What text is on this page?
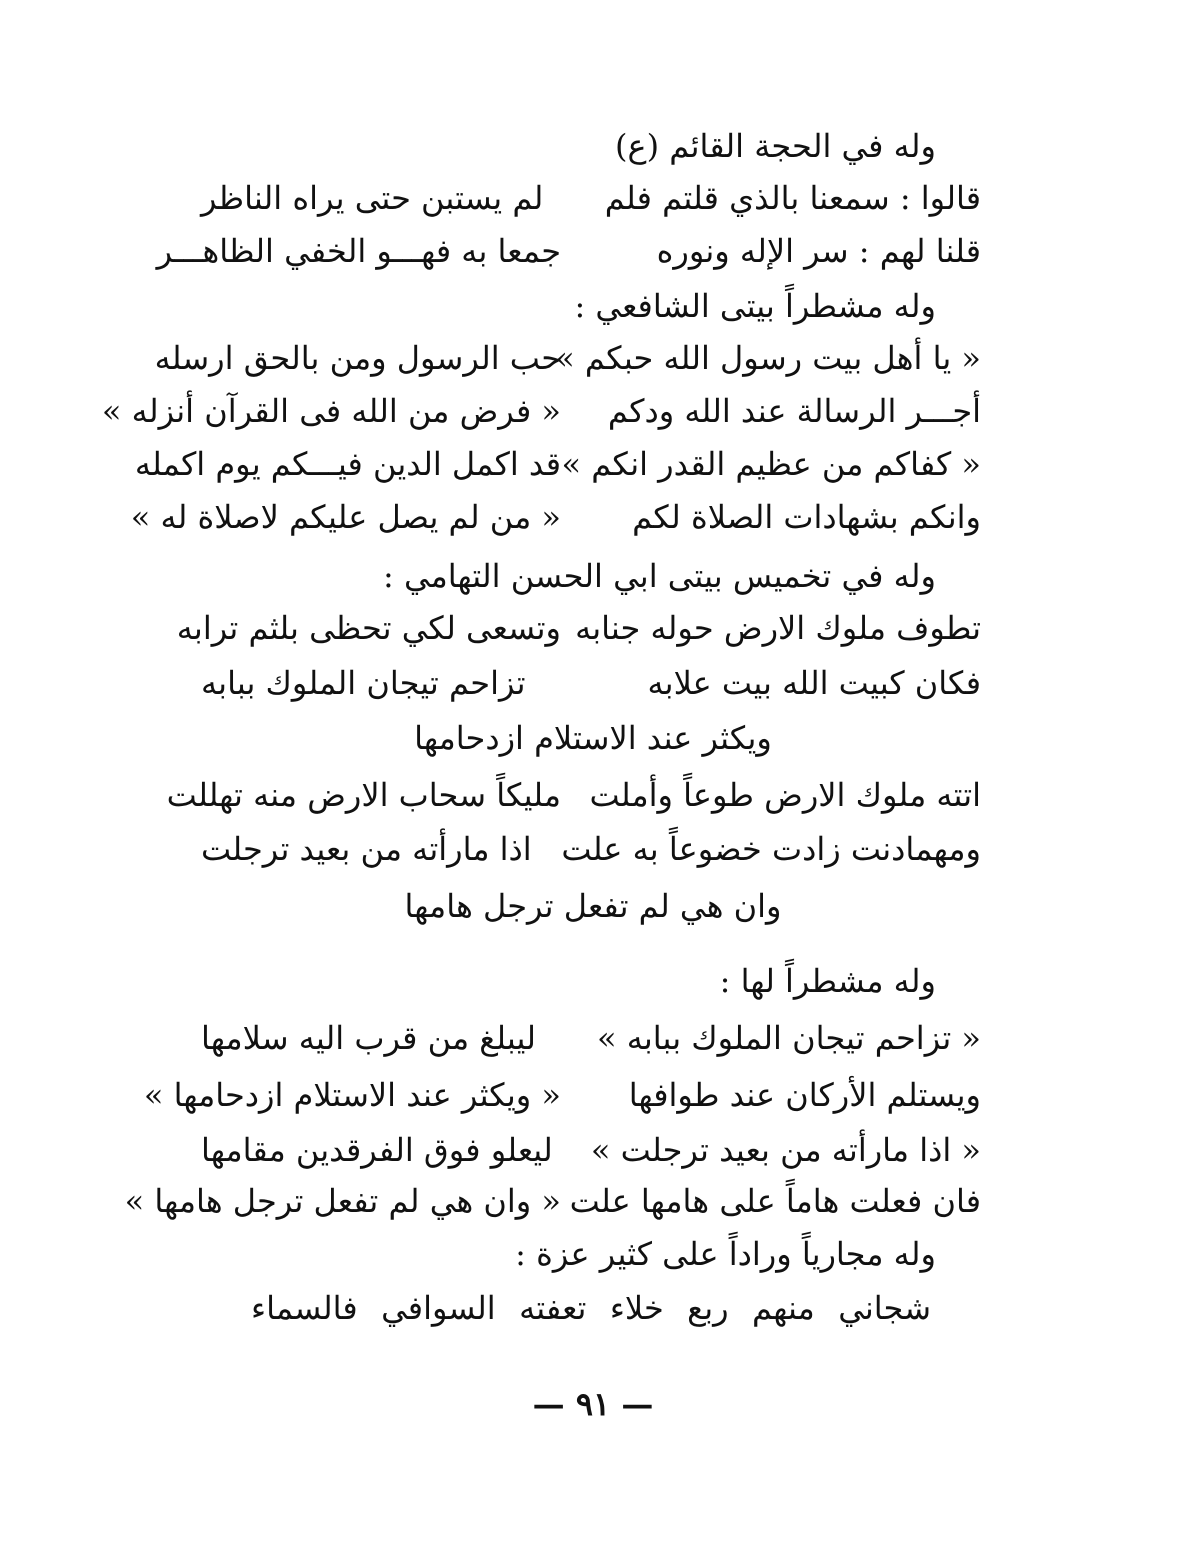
وله في الحجة القائم (ع)
قالوا : سمعنا بالذي قلتم فلم
لم يستبن حتى يراه الناظر
قلنا لهم : سر الإله ونوره
جمعا به فهـــو الخفي الظاهـــر
وله مشطراً بيتى الشافعي :
« يا أهل بيت رسول الله حبكم »
حب الرسول ومن بالحق ارسله
أجـــر الرسالة عند الله ودكم
« فرض من الله فى القرآن أنزله »
« كفاكم من عظيم القدر انكم »
قد اكمل الدين فيـــكم يوم اكمله
وانكم بشهادات الصلاة لكم
« من لم يصل عليكم لاصلاة له »
وله في تخميس بيتى ابي الحسن التهامي :
تطوف ملوك الارض حوله جنابه
وتسعى لكي تحظى بلثم ترابه
فكان كبيت الله بيت علابه
تزاحم تيجان الملوك ببابه
ويكثر عند الاستلام ازدحامها
اتته ملوك الارض طوعاً وأملت
مليكاً سحاب الارض منه تهللت
ومهمادنت زادت خضوعاً به علت
اذا مارأته من بعيد ترجلت
وان هي لم تفعل ترجل هامها
وله مشطراً لها :
« تزاحم تيجان الملوك ببابه »
ليبلغ من قرب اليه سلامها
ويستلم الأركان عند طوافها
« ويكثر عند الاستلام ازدحامها »
« اذا مارأته من بعيد ترجلت »
ليعلو فوق الفرقدين مقامها
فان فعلت هاماً على هامها علت
« وان هي لم تفعل ترجل هامها »
وله مجارياً وراداً على كثير عزة :
شجاني
منهم
ربع
خلاء
تعفته
السوافي
فالسماء
— ٩١ —
